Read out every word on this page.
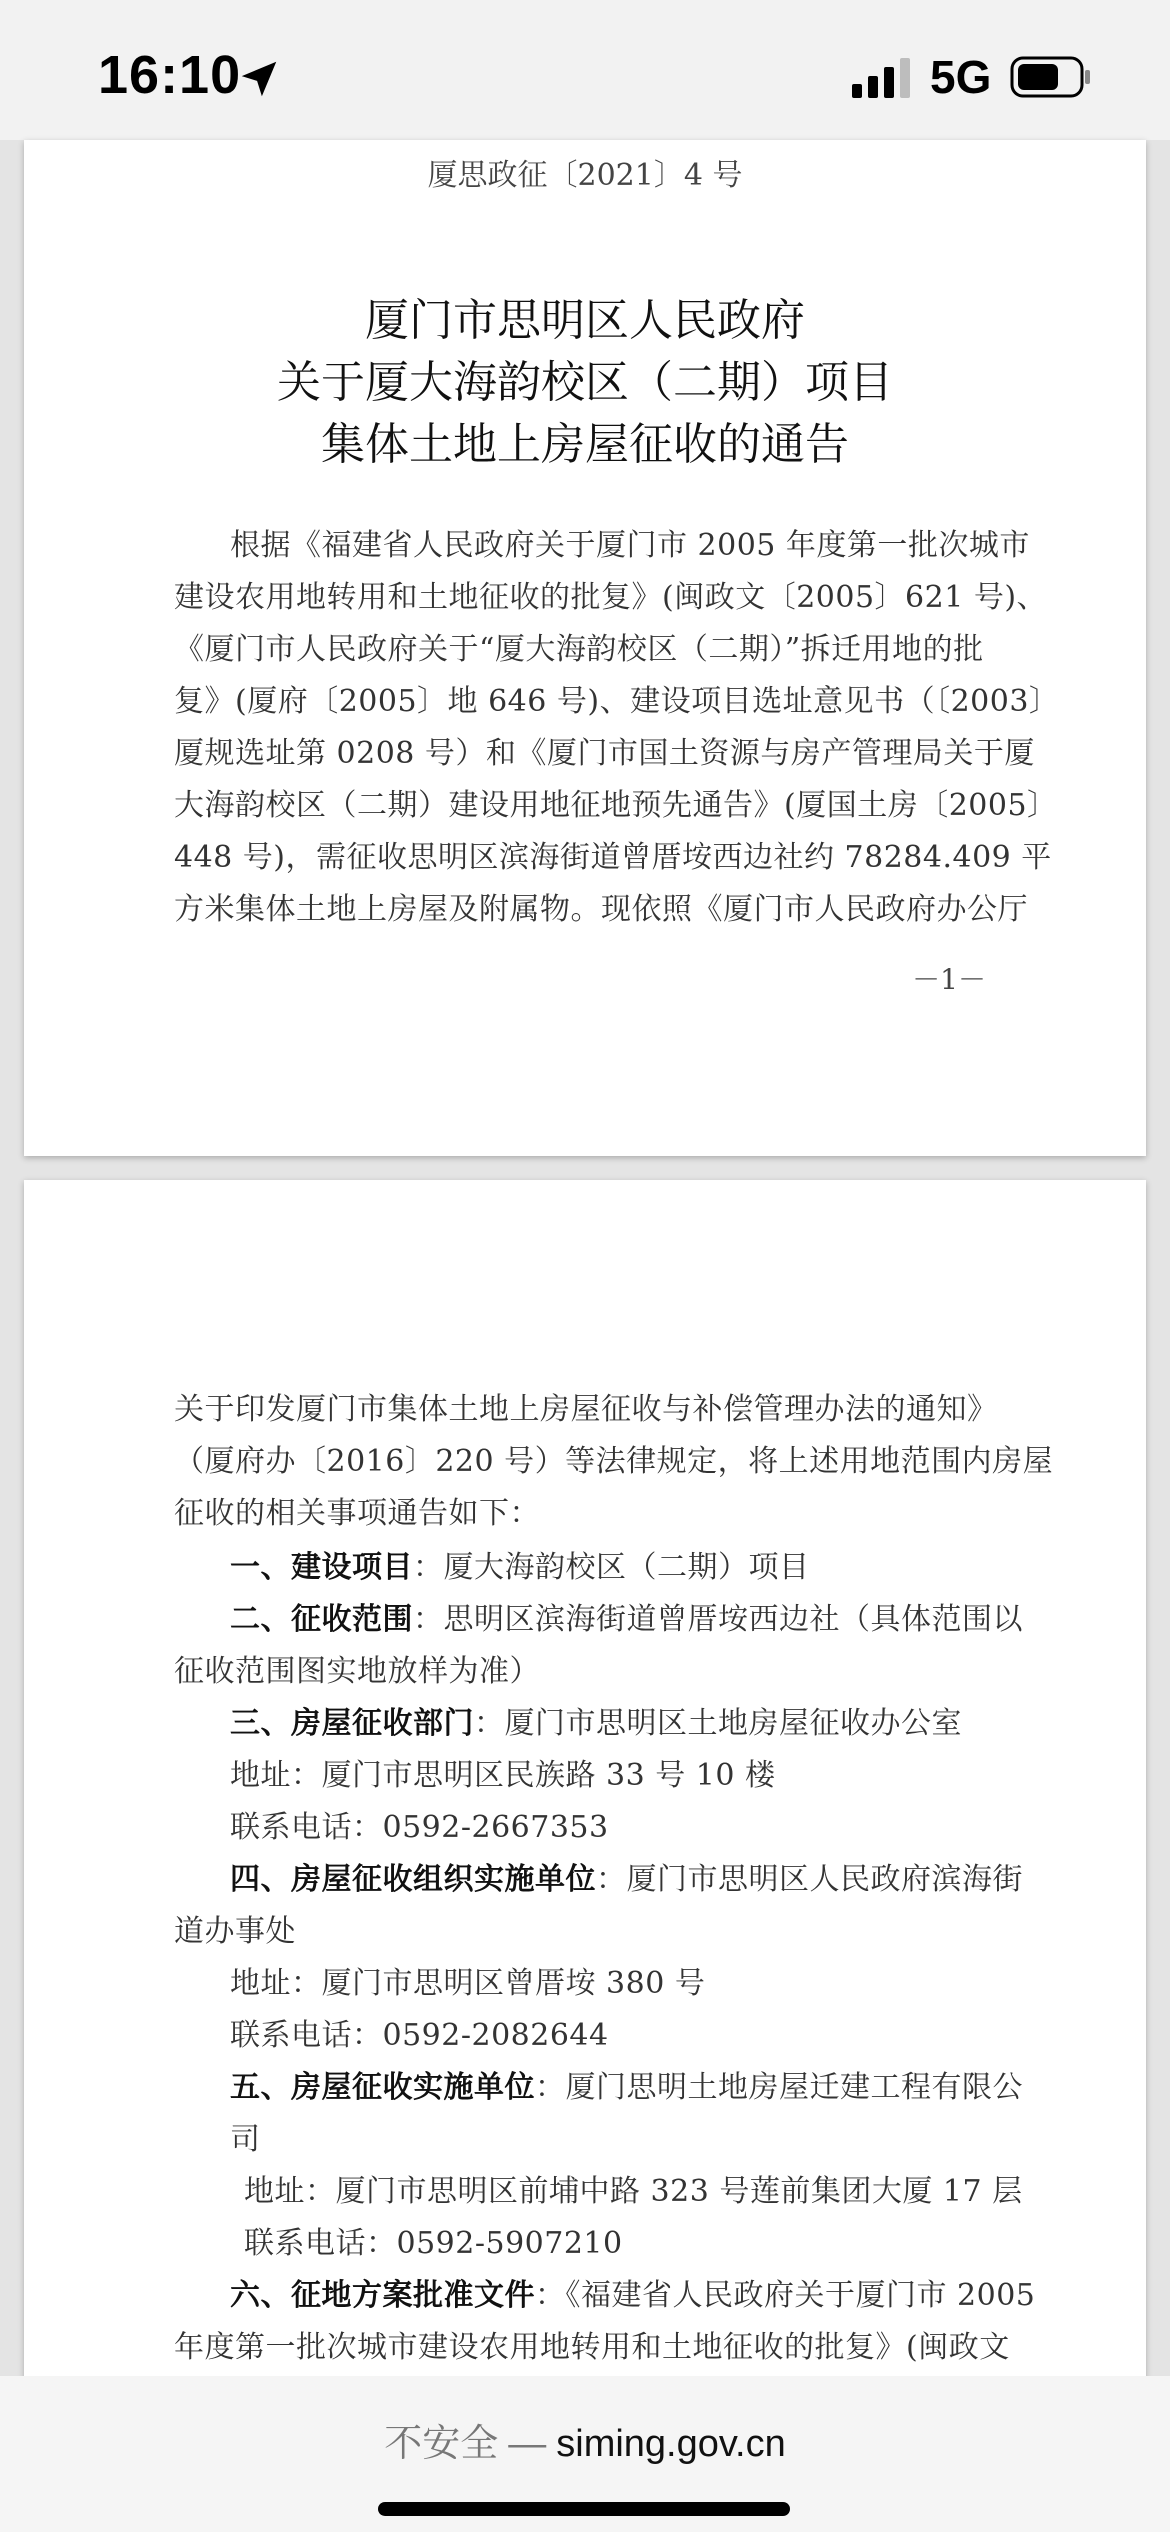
16:10	5G
厦思政征〔2021〕4 号
厦门市思明区人民政府
关于厦大海韵校区（二期）项目
集体土地上房屋征收的通告
根据《福建省人民政府关于厦门市 2005 年度第一批次城市
建设农用地转用和土地征收的批复》(闽政文〔2005〕621 号)、
《厦门市人民政府关于“厦大海韵校区（二期）”拆迁用地的批
复》(厦府〔2005〕地 646 号)、建设项目选址意见书（〔2003〕
厦规选址第 0208 号）和《厦门市国土资源与房产管理局关于厦
大海韵校区（二期）建设用地征地预先通告》(厦国土房〔2005〕
448 号)，需征收思明区滨海街道曾厝垵西边社约 78284.409 平
方米集体土地上房屋及附属物。现依照《厦门市人民政府办公厅
－1－
关于印发厦门市集体土地上房屋征收与补偿管理办法的通知》
（厦府办〔2016〕220 号）等法律规定，将上述用地范围内房屋
征收的相关事项通告如下：
一、建设项目：厦大海韵校区（二期）项目
二、征收范围：思明区滨海街道曾厝垵西边社（具体范围以
征收范围图实地放样为准）
三、房屋征收部门：厦门市思明区土地房屋征收办公室
地址：厦门市思明区民族路 33 号 10 楼
联系电话：0592-2667353
四、房屋征收组织实施单位：厦门市思明区人民政府滨海街
道办事处
地址：厦门市思明区曾厝垵 380 号
联系电话：0592-2082644
五、房屋征收实施单位：厦门思明土地房屋迁建工程有限公
司
地址：厦门市思明区前埔中路 323 号莲前集团大厦 17 层
联系电话：0592-5907210
六、征地方案批准文件：《福建省人民政府关于厦门市 2005
年度第一批次城市建设农用地转用和土地征收的批复》(闽政文
不安全 — siming.gov.cn
